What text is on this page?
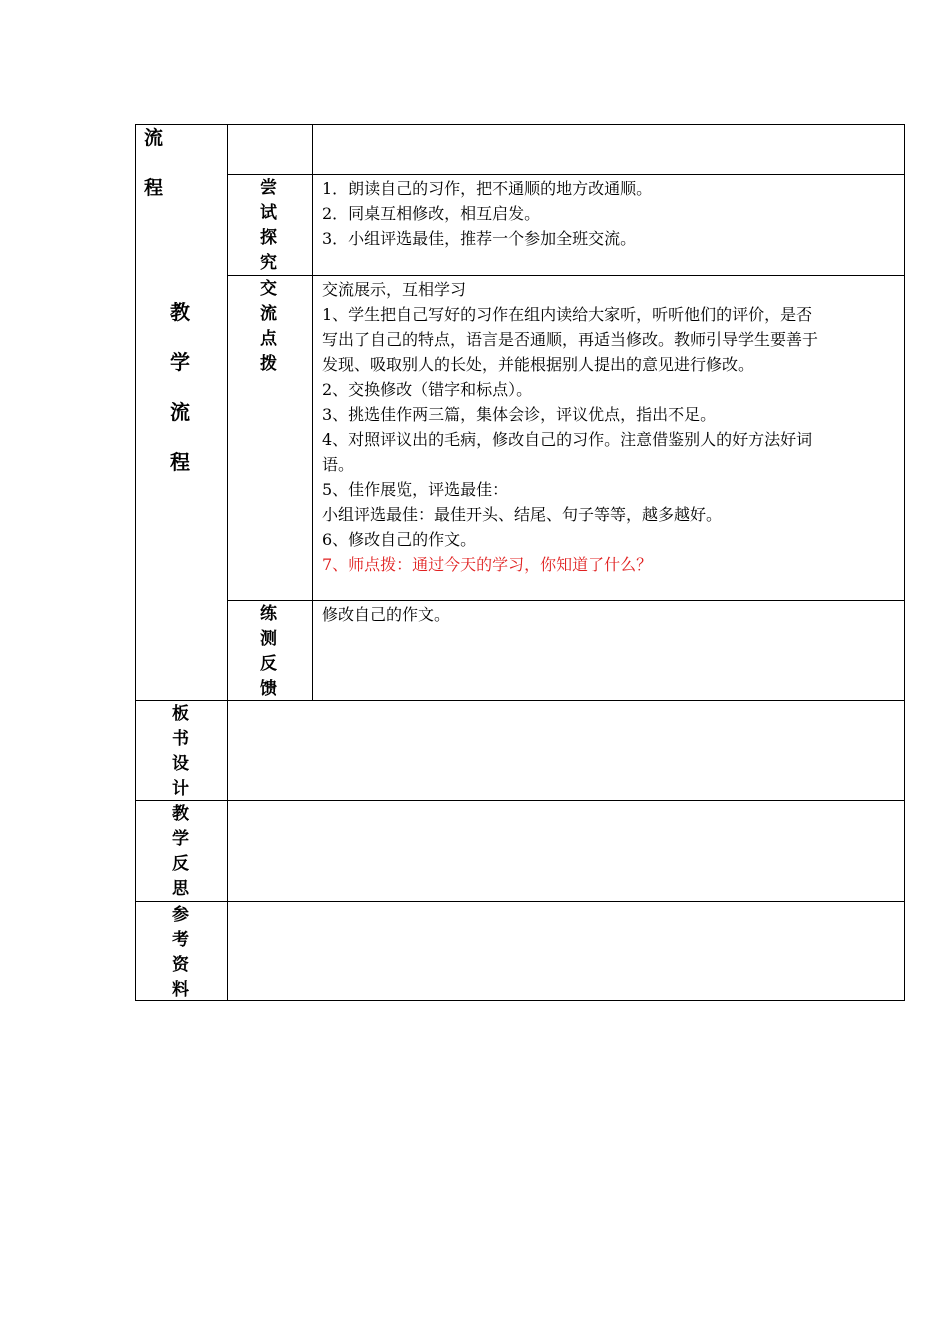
流
程
教
学
流
程
尝
试
探
究
交
流
点
拨
练
测
反
馈
1．朗读自己的习作，把不通顺的地方改通顺。
2．同桌互相修改，相互启发。
3．小组评选最佳，推荐一个参加全班交流。
交流展示，互相学习
1、学生把自己写好的习作在组内读给大家听，听听他们的评价，是否
写出了自己的特点，语言是否通顺，再适当修改。教师引导学生要善于
发现、吸取别人的长处，并能根据别人提出的意见进行修改。
2、交换修改（错字和标点）。
3、挑选佳作两三篇，集体会诊，评议优点，指出不足。
4、对照评议出的毛病，修改自己的习作。注意借鉴别人的好方法好词
语。
5、佳作展览，评选最佳：
小组评选最佳：最佳开头、结尾、句子等等，越多越好。
6、修改自己的作文。
7、师点拨：通过今天的学习，你知道了什么？
修改自己的作文。
板
书
设
计
教
学
反
思
参
考
资
料
